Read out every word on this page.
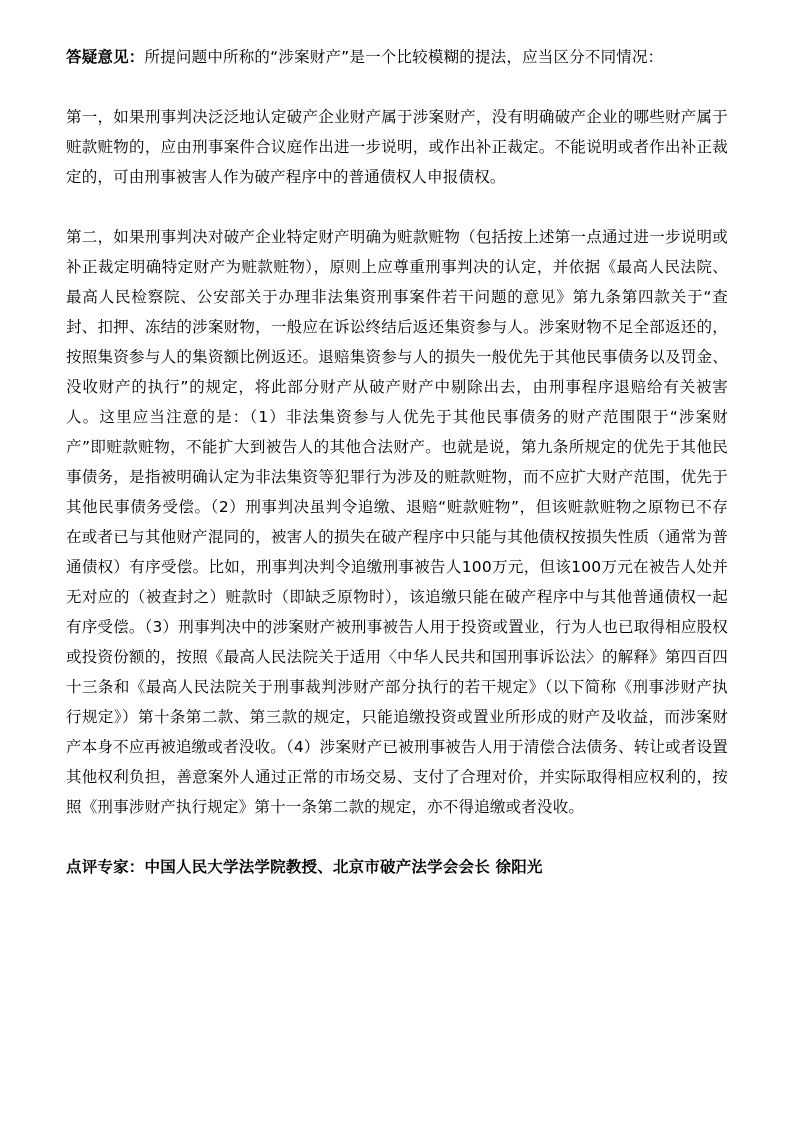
答疑意见：所提问题中所称的“涉案财产”是一个比较模糊的提法，应当区分不同情况：

第一，如果刑事判决泛泛地认定破产企业财产属于涉案财产，没有明确破产企业的哪些财产属于赃款赃物的，应由刑事案件合议庭作出进一步说明，或作出补正裁定。不能说明或者作出补正裁定的，可由刑事被害人作为破产程序中的普通债权人申报债权。

第二，如果刑事判决对破产企业特定财产明确为赃款赃物（包括按上述第一点通过进一步说明或补正裁定明确特定财产为赃款赃物），原则上应尊重刑事判决的认定，并依据《最高人民法院、最高人民检察院、公安部关于办理非法集资刑事案件若干问题的意见》第九条第四款关于“查封、扣押、冻结的涉案财物，一般应在诉讼终结后返还集资参与人。涉案财物不足全部返还的，按照集资参与人的集资额比例返还。退赔集资参与人的损失一般优先于其他民事债务以及罚金、没收财产的执行”的规定，将此部分财产从破产财产中剔除出去，由刑事程序退赔给有关被害人。这里应当注意的是：（1）非法集资参与人优先于其他民事债务的财产范围限于“涉案财产”即赃款赃物，不能扩大到被告人的其他合法财产。也就是说，第九条所规定的优先于其他民事债务，是指被明确认定为非法集资等犯罪行为涉及的赃款赃物，而不应扩大财产范围，优先于其他民事债务受偿。（2）刑事判决虽判令追缴、退赔“赃款赃物”，但该赃款赃物之原物已不存在或者已与其他财产混同的，被害人的损失在破产程序中只能与其他债权按损失性质（通常为普通债权）有序受偿。比如，刑事判决判令追缴刑事被告人100万元，但该100万元在被告人处并无对应的（被查封之）赃款时（即缺乏原物时），该追缴只能在破产程序中与其他普通债权一起有序受偿。（3）刑事判决中的涉案财产被刑事被告人用于投资或置业，行为人也已取得相应股权或投资份额的，按照《最高人民法院关于适用〈中华人民共和国刑事诉讼法〉的解释》第四百四十三条和《最高人民法院关于刑事裁判涉财产部分执行的若干规定》（以下简称《刑事涉财产执行规定》）第十条第二款、第三款的规定，只能追缴投资或置业所形成的财产及收益，而涉案财产本身不应再被追缴或者没收。（4）涉案财产已被刑事被告人用于清偿合法债务、转让或者设置其他权利负担，善意案外人通过正常的市场交易、支付了合理对价，并实际取得相应权利的，按照《刑事涉财产执行规定》第十一条第二款的规定，亦不得追缴或者没收。

点评专家：中国人民大学法学院教授、北京市破产法学会会长 徐阳光
